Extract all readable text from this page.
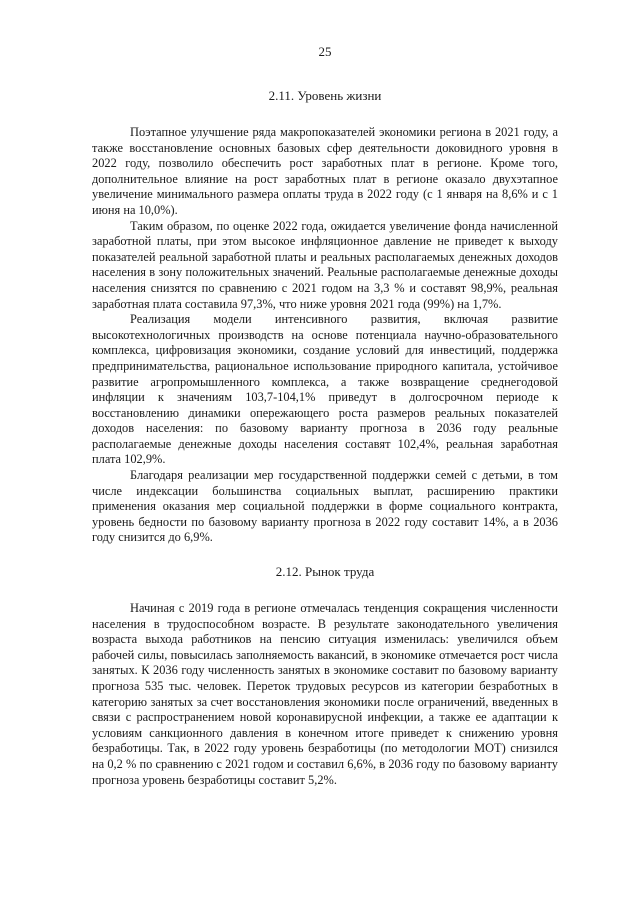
25
2.11. Уровень жизни

Поэтапное улучшение ряда макропоказателей экономики региона в 2021 году, а также восстановление основных базовых сфер деятельности доковидного уровня в 2022 году, позволило обеспечить рост заработных плат в регионе. Кроме того, дополнительное влияние на рост заработных плат в регионе оказало двухэтапное увеличение минимального размера оплаты труда в 2022 году (с 1 января на 8,6% и с 1 июня на 10,0%).

Таким образом, по оценке 2022 года, ожидается увеличение фонда начисленной заработной платы, при этом высокое инфляционное давление не приведет к выходу показателей реальной заработной платы и реальных располагаемых денежных доходов населения в зону положительных значений. Реальные располагаемые денежные доходы населения снизятся по сравнению с 2021 годом на 3,3 % и составят 98,9%, реальная заработная плата составила 97,3%, что ниже уровня 2021 года (99%) на 1,7%.

Реализация модели интенсивного развития, включая развитие высокотехнологичных производств на основе потенциала научно-образовательного комплекса, цифровизация экономики, создание условий для инвестиций, поддержка предпринимательства, рациональное использование природного капитала, устойчивое развитие агропромышленного комплекса, а также возвращение среднегодовой инфляции к значениям 103,7-104,1% приведут в долгосрочном периоде к восстановлению динамики опережающего роста размеров реальных показателей доходов населения: по базовому варианту прогноза в 2036 году реальные располагаемые денежные доходы населения составят 102,4%, реальная заработная плата 102,9%.

Благодаря реализации мер государственной поддержки семей с детьми, в том числе индексации большинства социальных выплат, расширению практики применения оказания мер социальной поддержки в форме социального контракта, уровень бедности по базовому варианту прогноза в 2022 году составит 14%, а в 2036 году снизится до 6,9%.

2.12. Рынок труда

Начиная с 2019 года в регионе отмечалась тенденция сокращения численности населения в трудоспособном возрасте. В результате законодательного увеличения возраста выхода работников на пенсию ситуация изменилась: увеличился объем рабочей силы, повысилась заполняемость вакансий, в экономике отмечается рост числа занятых. К 2036 году численность занятых в экономике составит по базовому варианту прогноза 535 тыс. человек. Переток трудовых ресурсов из категории безработных в категорию занятых за счет восстановления экономики после ограничений, введенных в связи с распространением новой коронавирусной инфекции, а также ее адаптации к условиям санкционного давления в конечном итоге приведет к снижению уровня безработицы. Так, в 2022 году уровень безработицы (по методологии МОТ) снизился на 0,2 % по сравнению с 2021 годом и составил 6,6%, в 2036 году по базовому варианту прогноза уровень безработицы составит 5,2%.
